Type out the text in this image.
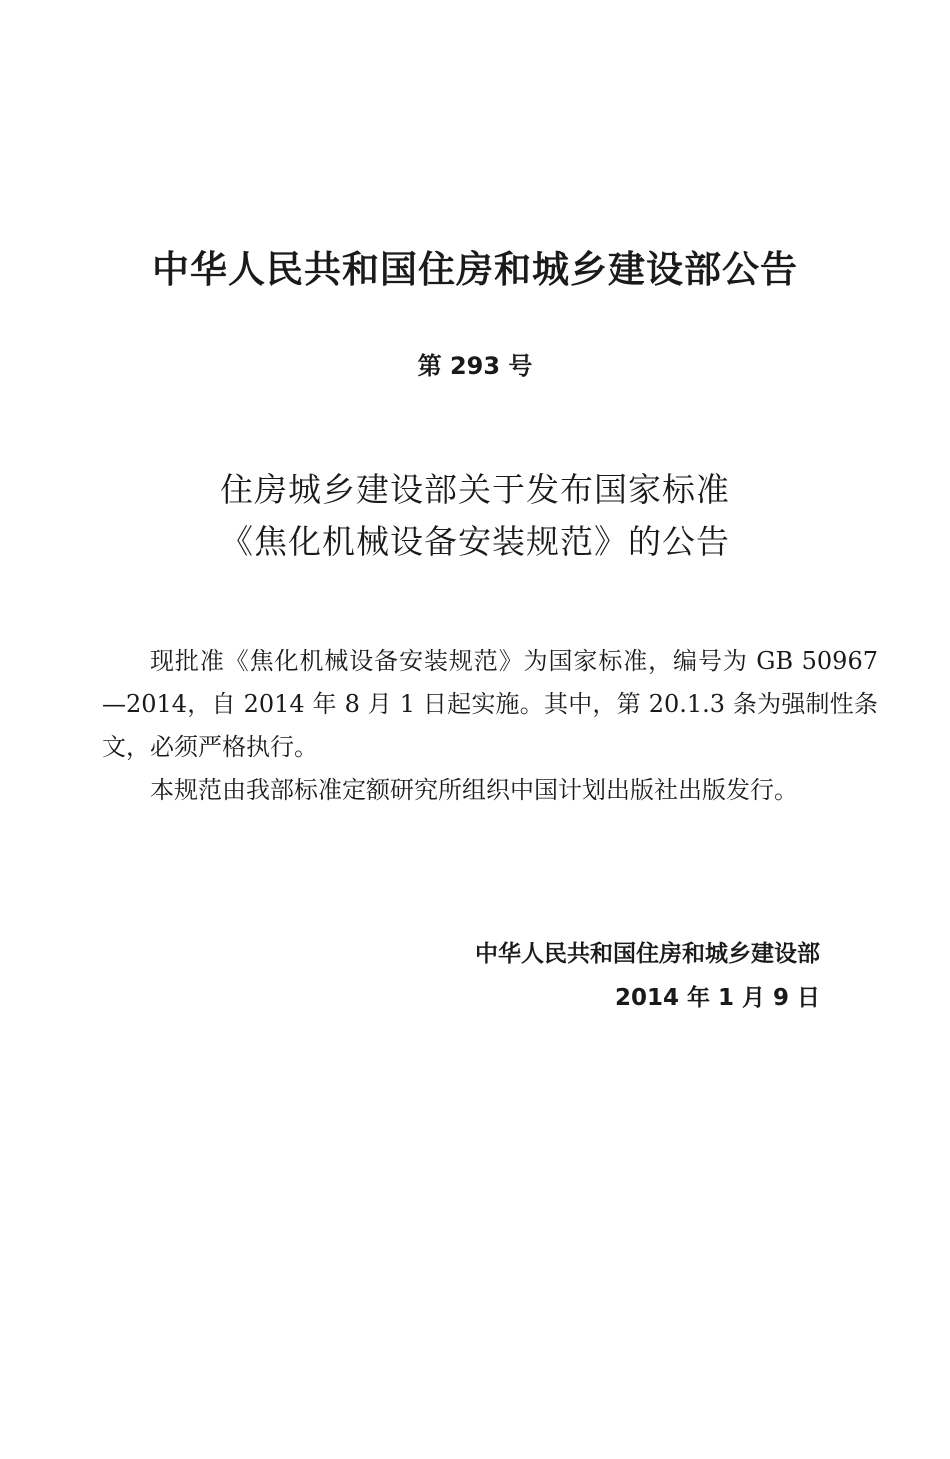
中华人民共和国住房和城乡建设部公告
第 293 号
住房城乡建设部关于发布国家标准
《焦化机械设备安装规范》的公告

现批准《焦化机械设备安装规范》为国家标准，编号为 GB 50967—2014，自 2014 年 8 月 1 日起实施。其中，第 20.1.3 条为强制性条文，必须严格执行。

本规范由我部标准定额研究所组织中国计划出版社出版发行。

中华人民共和国住房和城乡建设部
2014 年 1 月 9 日
